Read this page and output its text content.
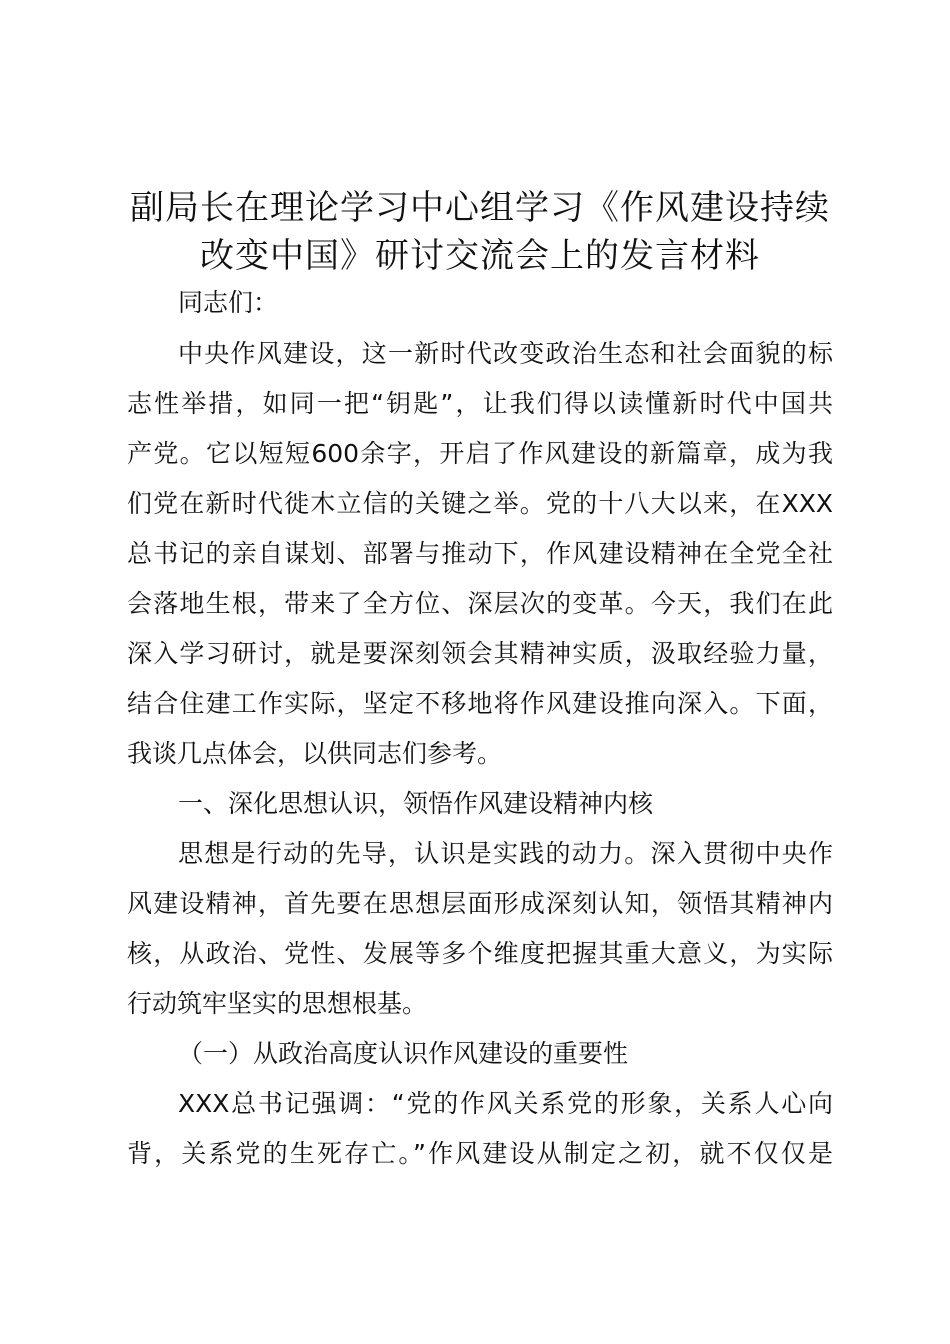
副局长在理论学习中心组学习《作风建设持续
改变中国》研讨交流会上的发言材料
同志们：
中央作风建设，这一新时代改变政治生态和社会面貌的标
志性举措，如同一把“钥匙”，让我们得以读懂新时代中国共
产党。它以短短600余字，开启了作风建设的新篇章，成为我
们党在新时代徙木立信的关键之举。党的十八大以来，在XXX
总书记的亲自谋划、部署与推动下，作风建设精神在全党全社
会落地生根，带来了全方位、深层次的变革。今天，我们在此
深入学习研讨，就是要深刻领会其精神实质，汲取经验力量，
结合住建工作实际，坚定不移地将作风建设推向深入。下面，
我谈几点体会，以供同志们参考。
一、深化思想认识，领悟作风建设精神内核
思想是行动的先导，认识是实践的动力。深入贯彻中央作
风建设精神，首先要在思想层面形成深刻认知，领悟其精神内
核，从政治、党性、发展等多个维度把握其重大意义，为实际
行动筑牢坚实的思想根基。
（一）从政治高度认识作风建设的重要性
XXX总书记强调：“党的作风关系党的形象，关系人心向
背，关系党的生死存亡。”作风建设从制定之初，就不仅仅是
